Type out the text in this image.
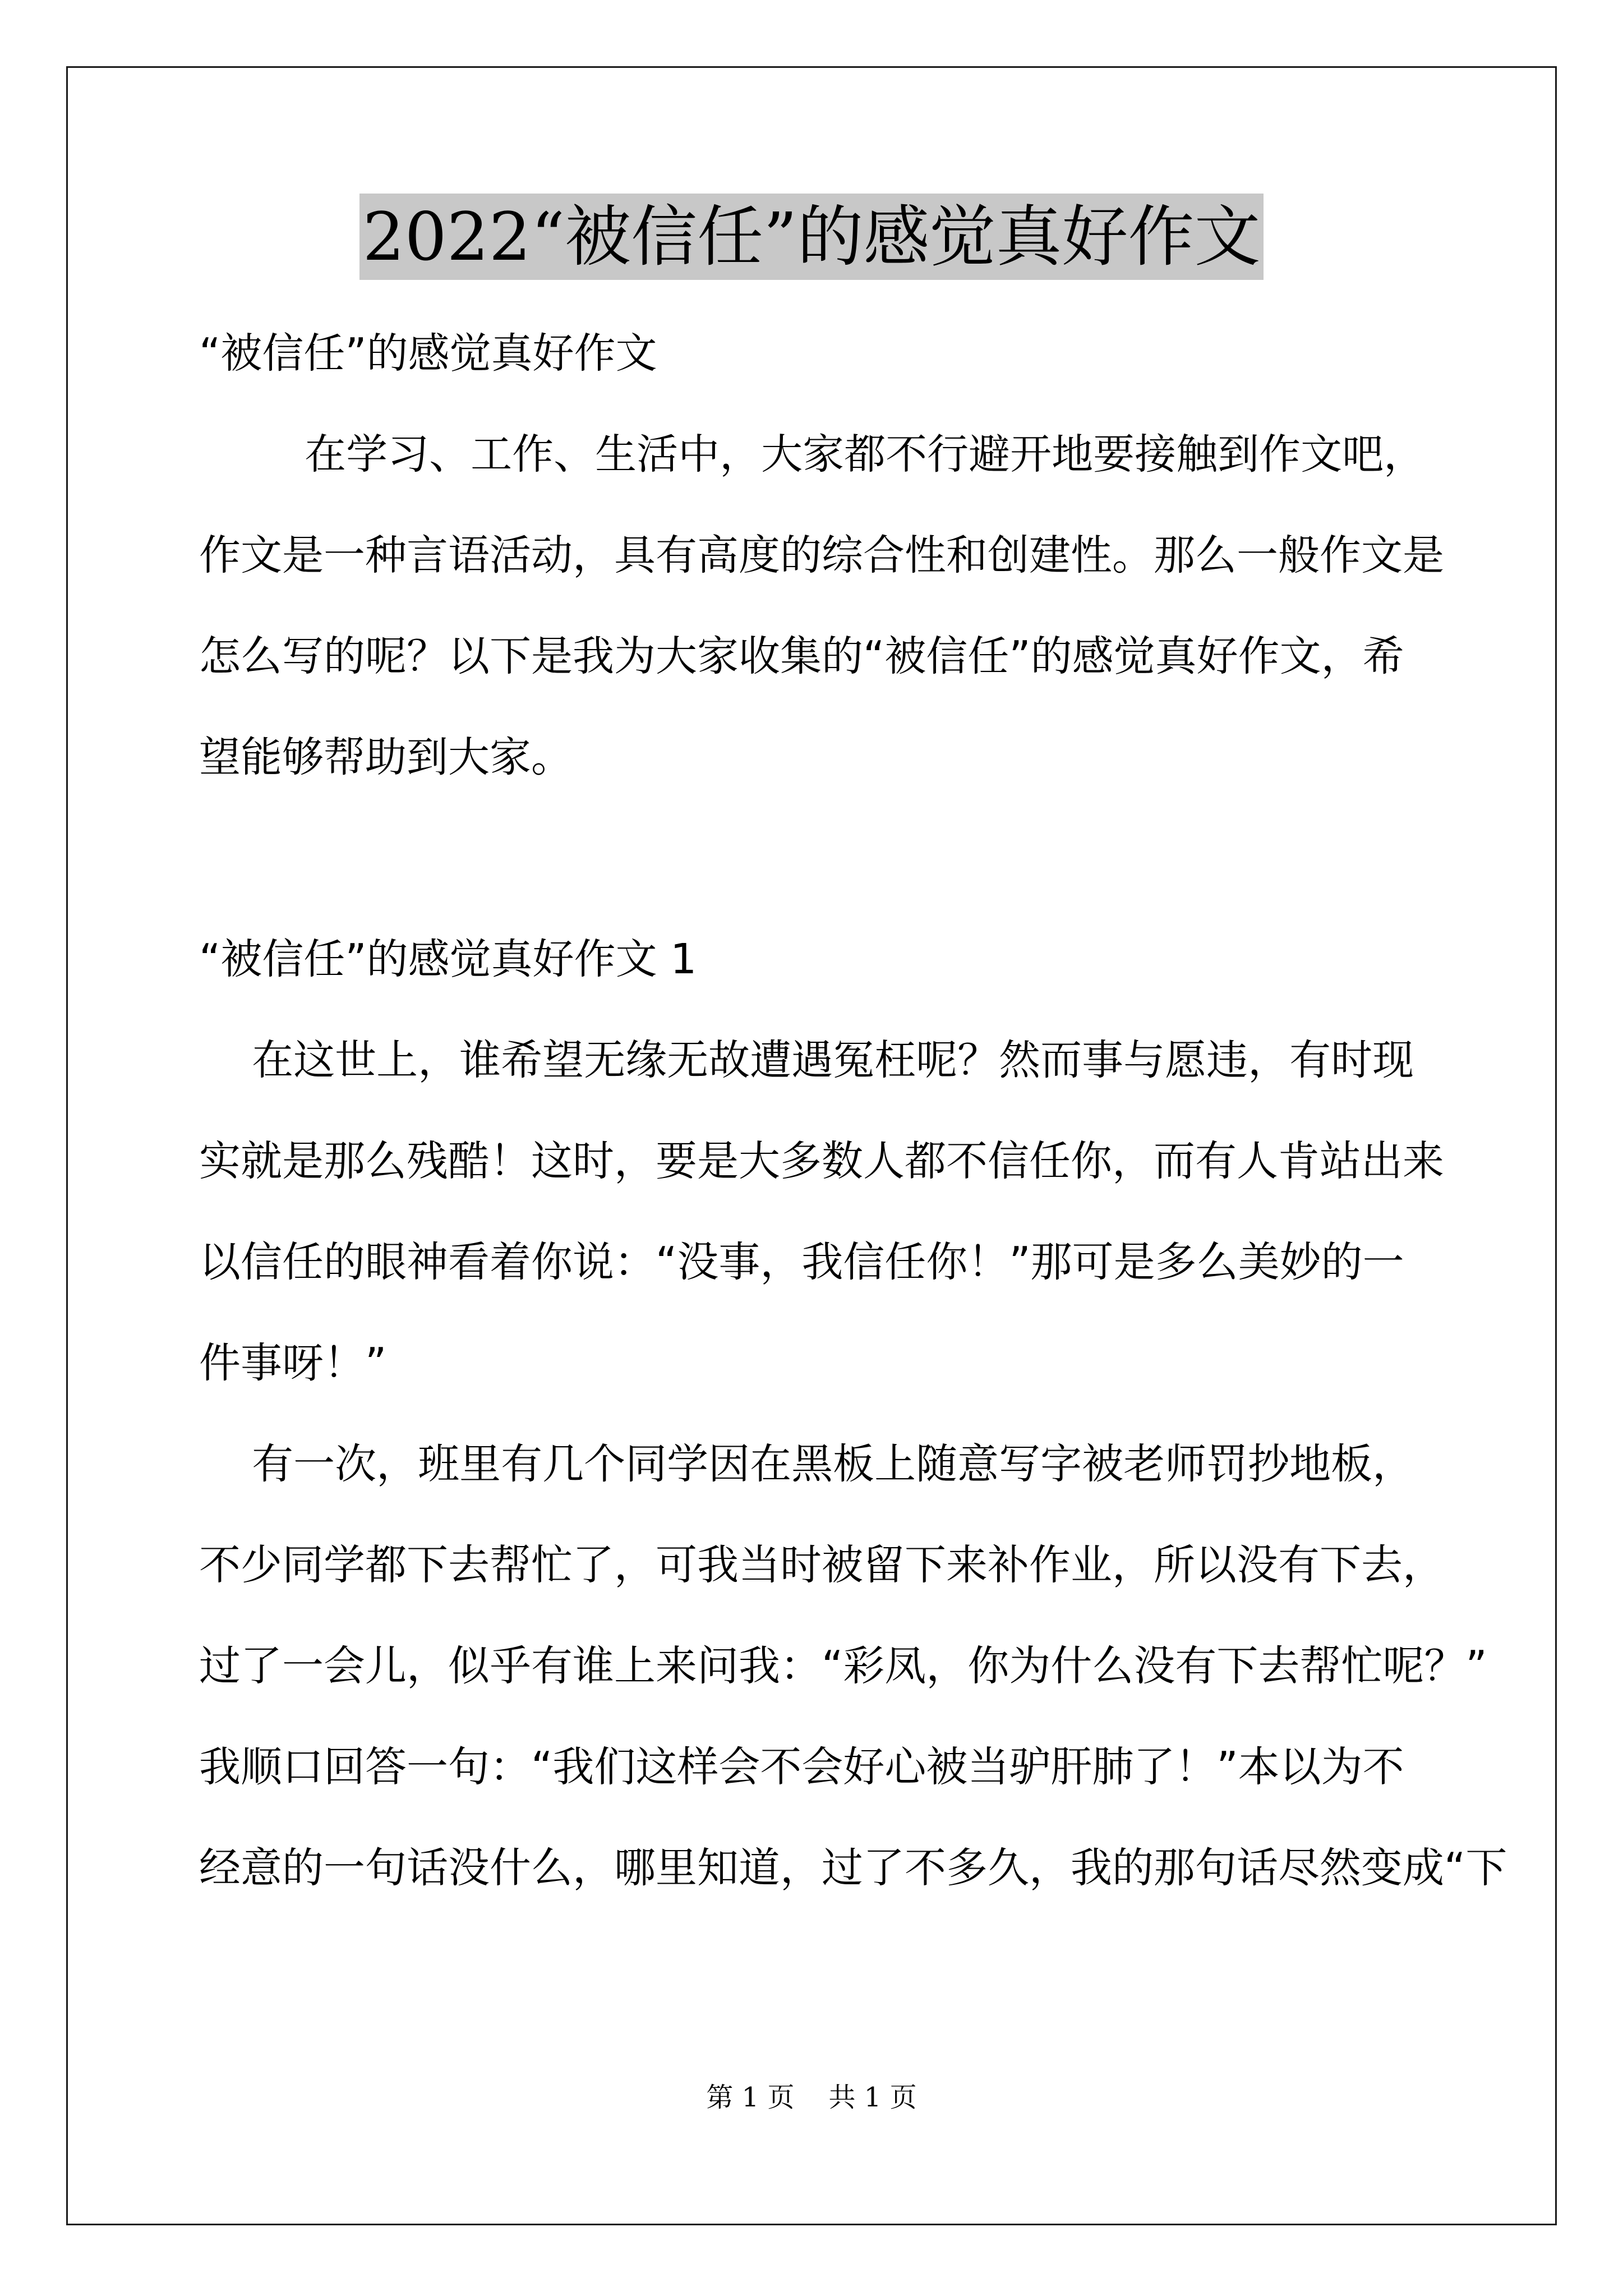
2022“被信任”的感觉真好作文
“被信任”的感觉真好作文
在学习、工作、生活中，大家都不行避开地要接触到作文吧，
作文是一种言语活动，具有高度的综合性和创建性。那么一般作文是
怎么写的呢？以下是我为大家收集的“被信任”的感觉真好作文，希
望能够帮助到大家。
“被信任”的感觉真好作文 1
在这世上，谁希望无缘无故遭遇冤枉呢？然而事与愿违，有时现
实就是那么残酷！这时，要是大多数人都不信任你，而有人肯站出来
以信任的眼神看着你说：“没事，我信任你！”那可是多么美妙的一
件事呀！”
有一次，班里有几个同学因在黑板上随意写字被老师罚抄地板，
不少同学都下去帮忙了，可我当时被留下来补作业，所以没有下去，
过了一会儿，似乎有谁上来问我：“彩凤，你为什么没有下去帮忙呢？”
我顺口回答一句：“我们这样会不会好心被当驴肝肺了！”本以为不
经意的一句话没什么，哪里知道，过了不多久，我的那句话尽然变成“下
第 1 页    共 1 页
